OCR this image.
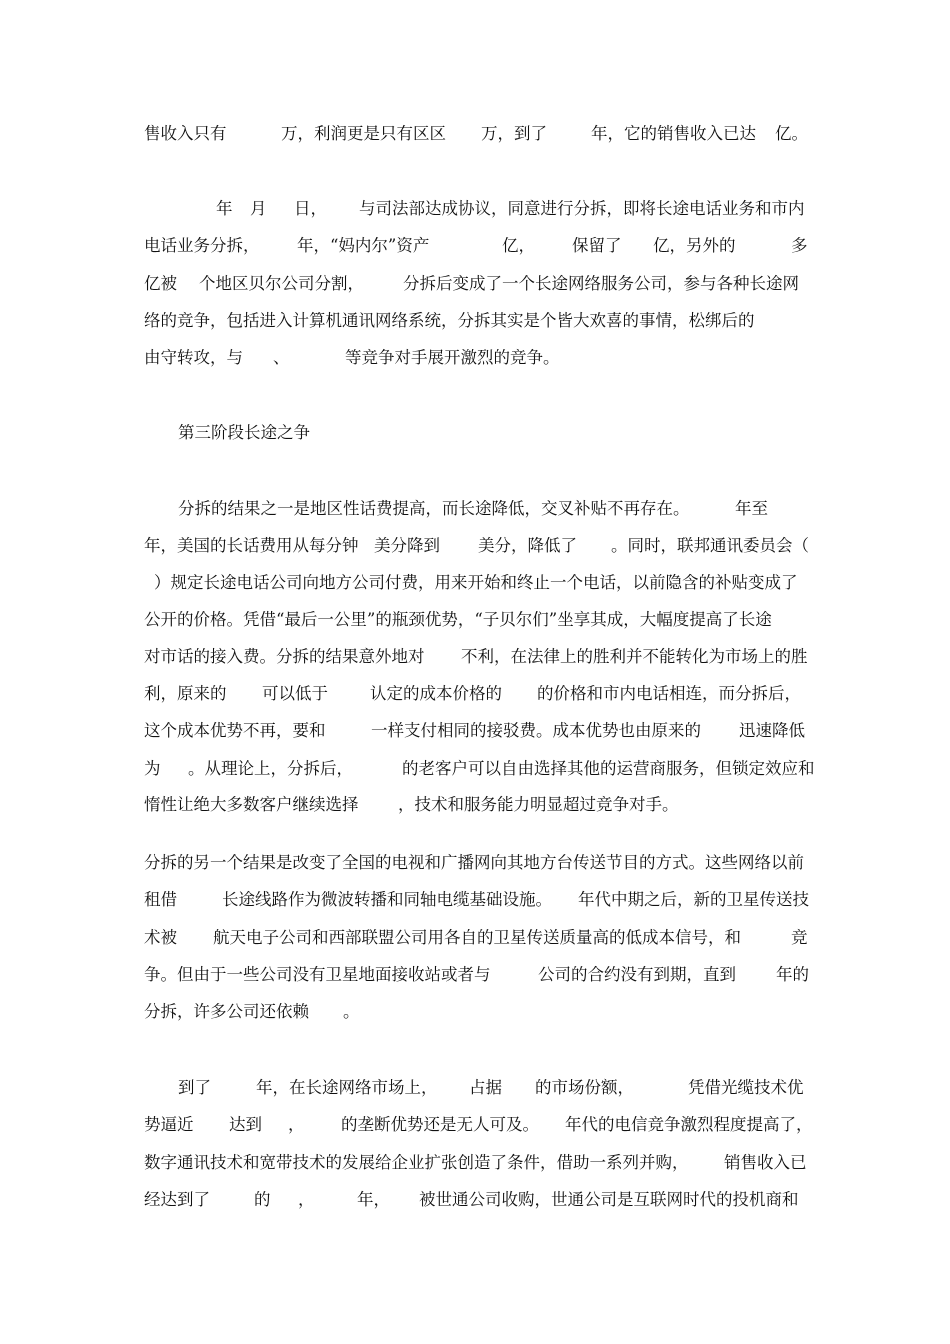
售收入只有	万，利润更是只有区区 万，到了	年，它的销售收入已达 亿。
年 月 日， 与司法部达成协议，同意进行分拆，即将长途电话业务和市内
电话业务分拆， 年，“妈内尔”资产	亿， 保留了 亿，另外的	多
亿被 个地区贝尔公司分割， 分拆后变成了一个长途网络服务公司，参与各种长途网
络的竞争，包括进入计算机通讯网络系统，分拆其实是个皆大欢喜的事情，松绑后的
由守转攻，与 、	等竞争对手展开激烈的竞争。
第三阶段长途之争
分拆的结果之一是地区性话费提高，而长途降低，交叉补贴不再存在。	年至
年，美国的长话费用从每分钟 美分降到 美分，降低了 。同时，联邦通讯委员会（
）规定长途电话公司向地方公司付费，用来开始和终止一个电话，以前隐含的补贴变成了
公开的价格。凭借“最后一公里”的瓶颈优势，“子贝尔们”坐享其成，大幅度提高了长途
对市话的接入费。分拆的结果意外地对 不利，在法律上的胜利并不能转化为市场上的胜
利，原来的 可以低于	认定的成本价格的 的价格和市内电话相连，而分拆后，
这个成本优势不再，要和	一样支付相同的接驳费。成本优势也由原来的 迅速降低
为 。从理论上，分拆后，	的老客户可以自由选择其他的运营商服务，但锁定效应和
惰性让绝大多数客户继续选择 ，技术和服务能力明显超过竞争对手。
分拆的另一个结果是改变了全国的电视和广播网向其地方台传送节目的方式。这些网络以前
租借	长途线路作为微波转播和同轴电缆基础设施。 年代中期之后，新的卫星传送技
术被 航天电子公司和西部联盟公司用各自的卫星传送质量高的低成本信号，和	竞
争。但由于一些公司没有卫星地面接收站或者与	公司的合约没有到期，直到 年的
分拆，许多公司还依赖 。
到了	年，在长途网络市场上， 占据 的市场份额，	凭借光缆技术优
势逼近 达到 ， 的垄断优势还是无人可及。 年代的电信竞争激烈程度提高了，
数字通讯技术和宽带技术的发展给企业扩张创造了条件，借助一系列并购， 销售收入已
经达到了	的 ，	年， 被世通公司收购，世通公司是互联网时代的投机商和
